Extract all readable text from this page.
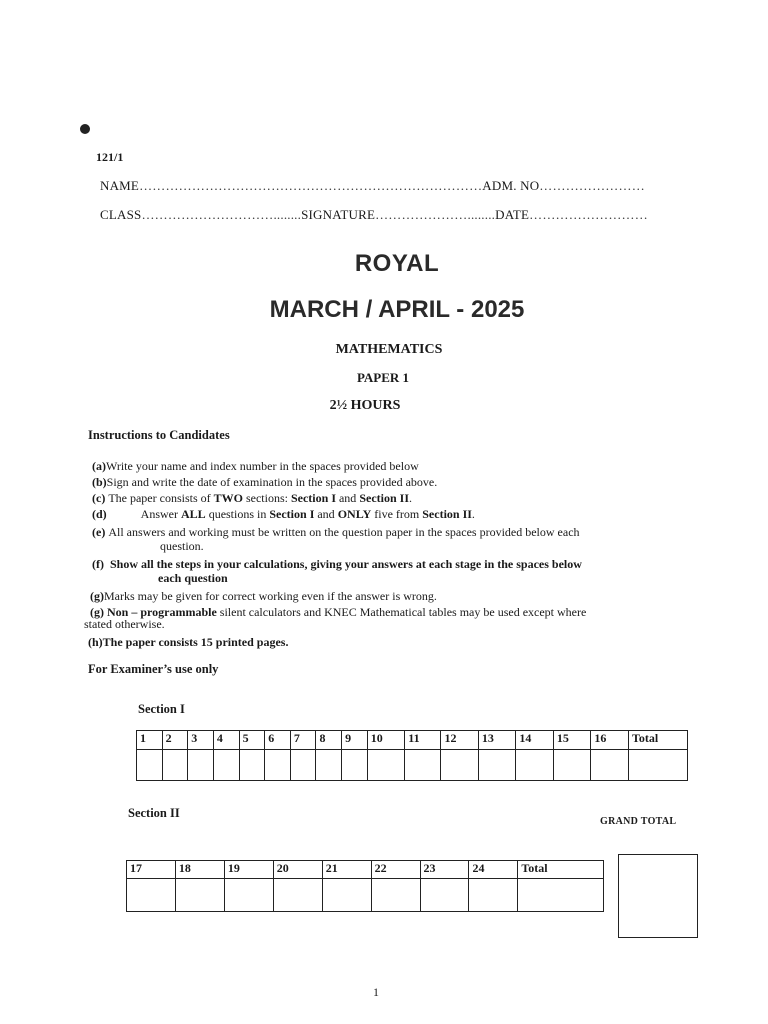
121/1
NAME……………………………………………………………………ADM. NO……………………
CLASS…………………………........SIGNATURE…………………........DATE………………………
ROYAL
MARCH / APRIL - 2025
MATHEMATICS
PAPER 1
2½ HOURS
Instructions to Candidates
(a)Write your name and index number in the spaces provided below
(b)Sign and write the date of examination in the spaces provided above.
(c) The paper consists of TWO sections: Section I and Section II.
(d)	Answer ALL questions in Section I and ONLY five from Section II.
(e) All answers and working must be written on the question paper in the spaces provided below each
question.
(f) Show all the steps in your calculations, giving your answers at each stage in the spaces below
each question
(g)Marks may be given for correct working even if the answer is wrong.
(g) Non – programmable silent calculators and KNEC Mathematical tables may be used except where
stated otherwise.
(h)The paper consists 15 printed pages.
For Examiner’s use only
Section I
1	2	3	4	5	6	7	8	9	10	11	12	13	14	15	16	Total

Section II
GRAND TOTAL
17	18	19	20	21	22	23	24	Total

1
